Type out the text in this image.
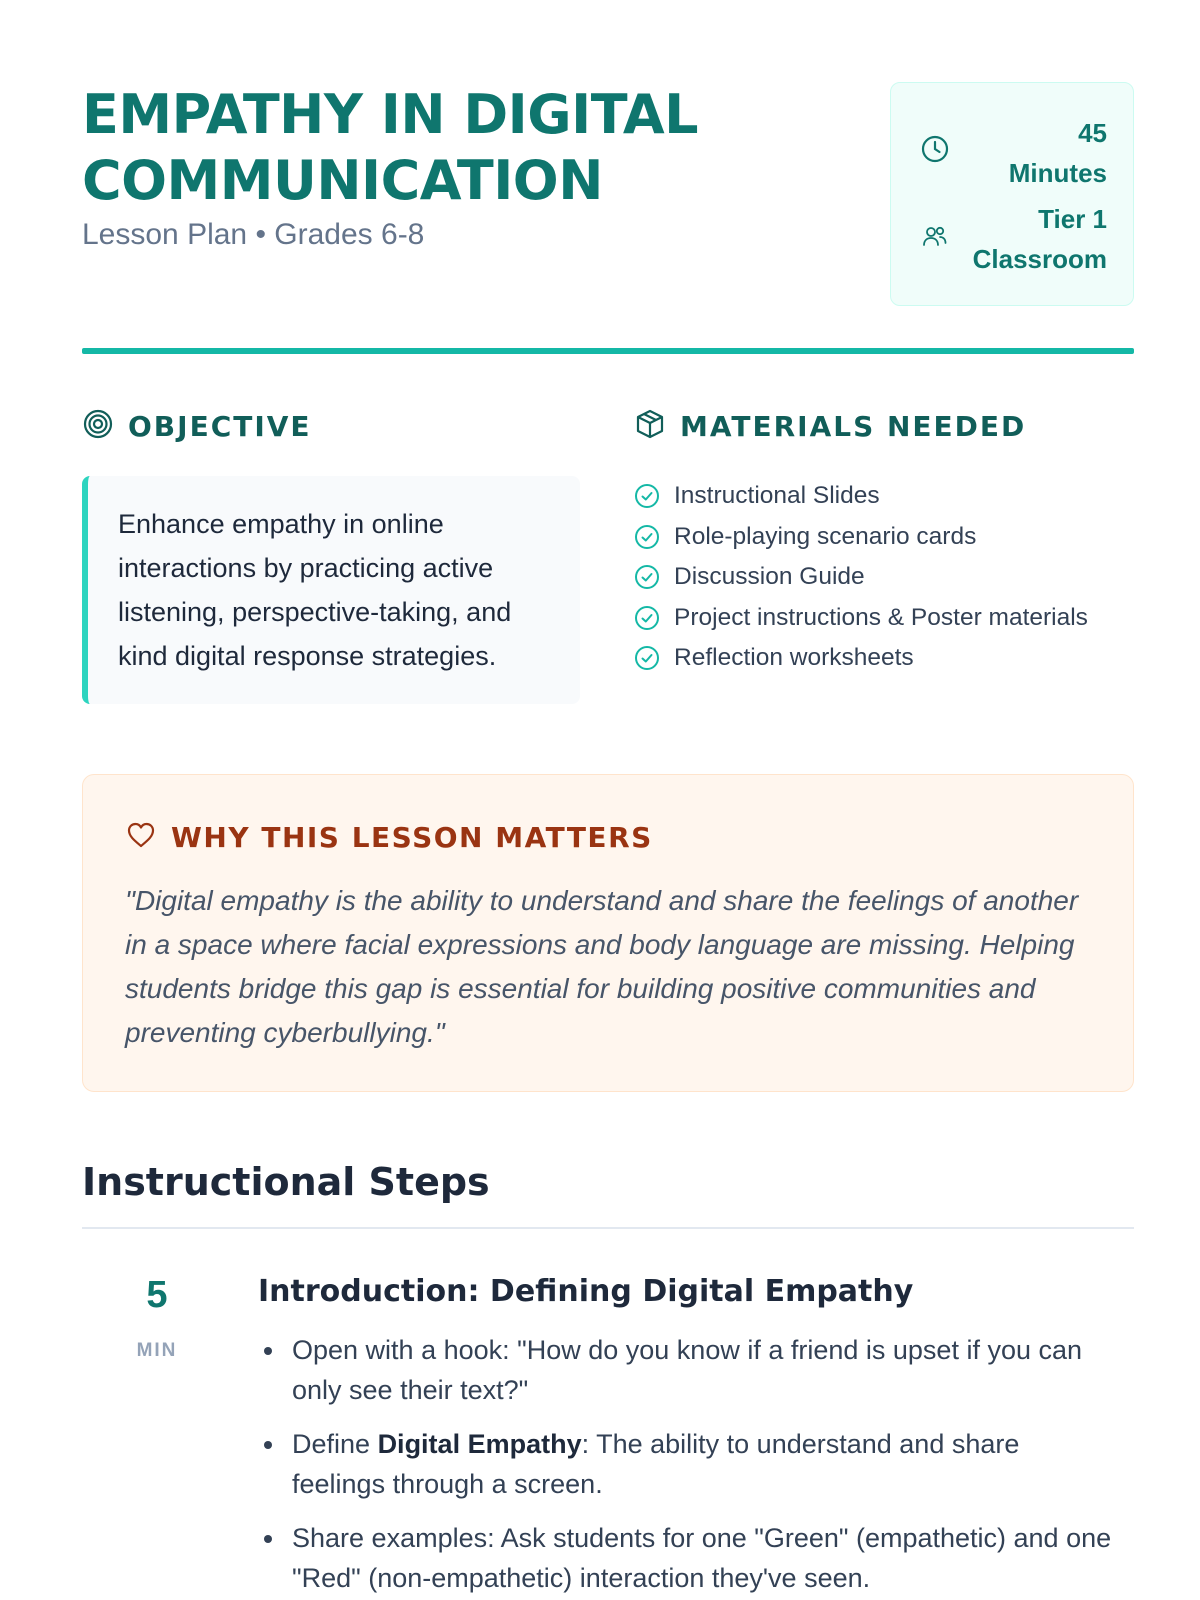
EMPATHY IN DIGITAL
COMMUNICATION
Lesson Plan • Grades 6-8
45
Minutes
Tier 1
Classroom
OBJECTIVE

Enhance empathy in online interactions by practicing active listening, perspective-taking, and kind digital response strategies.

MATERIALS NEEDED
Instructional Slides
Role-playing scenario cards
Discussion Guide
Project instructions & Poster materials
Reflection worksheets
WHY THIS LESSON MATTERS

"Digital empathy is the ability to understand and share the feelings of another in a space where facial expressions and body language are missing. Helping students bridge this gap is essential for building positive communities and preventing cyberbullying."

Instructional Steps
5
MIN
Introduction: Defining Digital Empathy
Open with a hook: "How do you know if a friend is upset if you can only see their text?"
Define Digital Empathy: The ability to understand and share feelings through a screen.
Share examples: Ask students for one "Green" (empathetic) and one "Red" (non-empathetic) interaction they've seen.
